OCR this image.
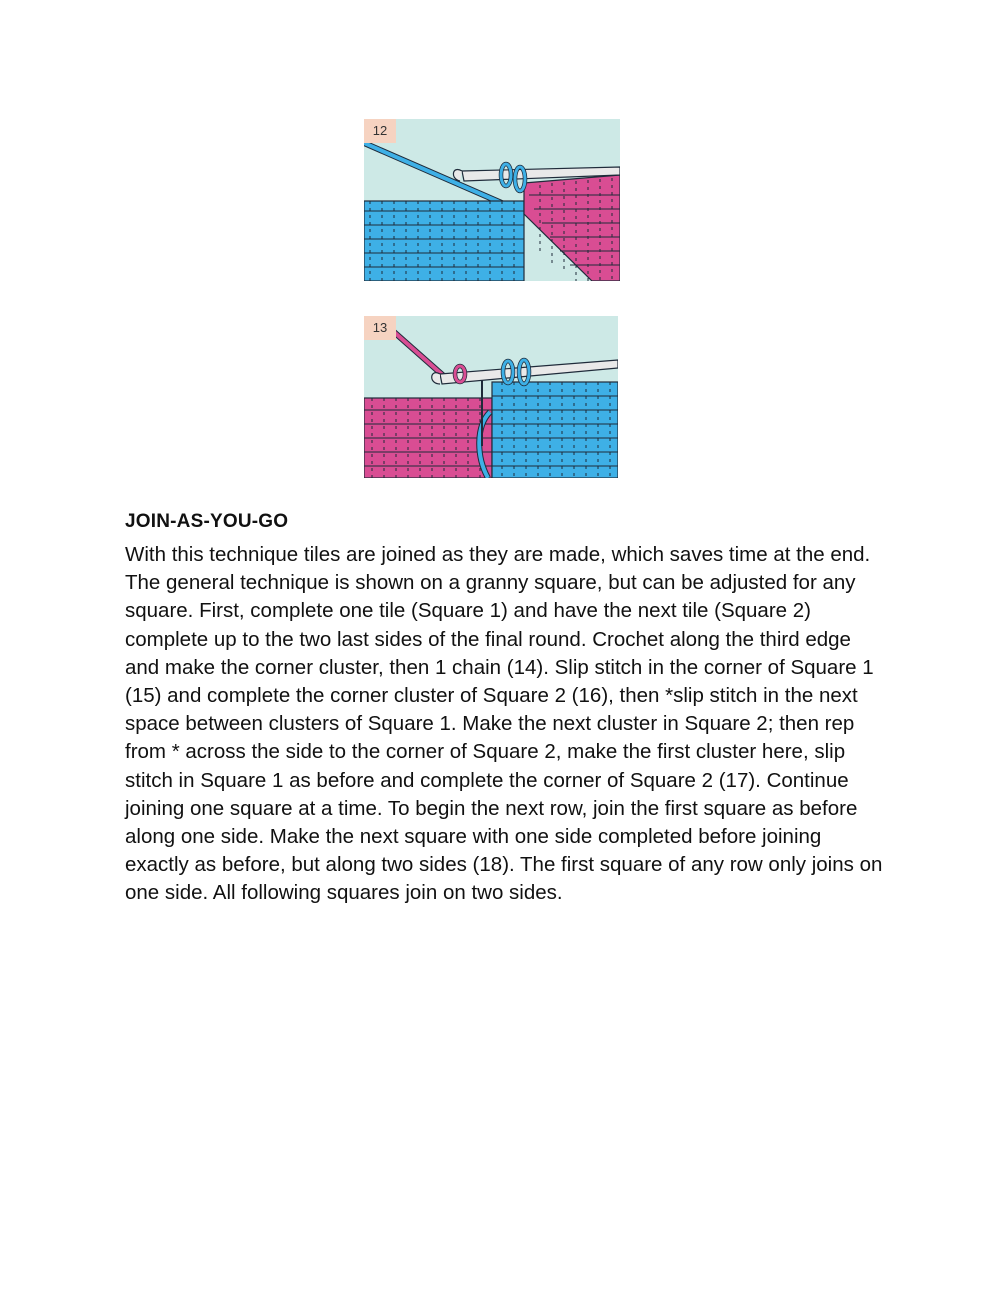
12
13
JOIN-AS-YOU-GO

With this technique tiles are joined as they are made, which saves time at the end. The general technique is shown on a granny square, but can be adjusted for any square. First, complete one tile (Square 1) and have the next tile (Square 2) complete up to the two last sides of the final round. Crochet along the third edge and make the corner cluster, then 1 chain (14). Slip stitch in the corner of Square 1 (15) and complete the corner cluster of Square 2 (16), then *slip stitch in the next space between clusters of Square 1. Make the next cluster in Square 2; then rep from * across the side to the corner of Square 2, make the first cluster here, slip stitch in Square 1 as before and complete the corner of Square 2 (17). Continue joining one square at a time. To begin the next row, join the first square as before along one side. Make the next square with one side completed before joining exactly as before, but along two sides (18). The first square of any row only joins on one side. All following squares join on two sides.
